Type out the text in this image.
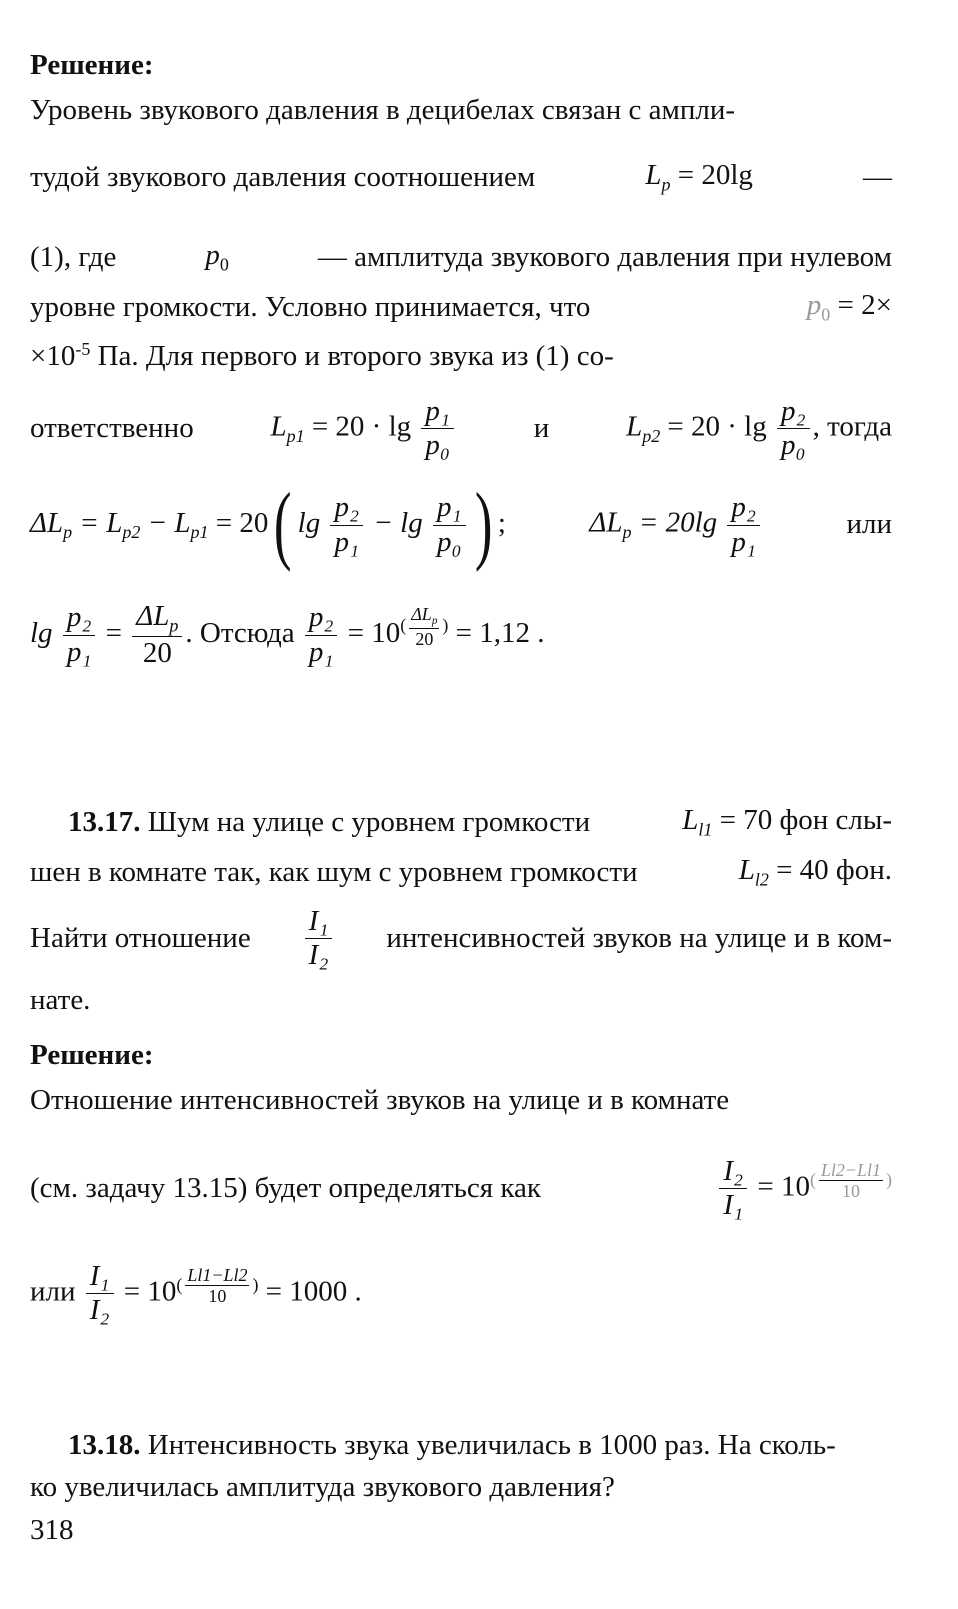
Решение:
Уровень звукового давления в децибелах связан с ампли-
тудой звукового давления соотношением	$L_p = 20\lg$	—
(1), где	$p_0$	— амплитуда звукового давления при нулевом
уровне громкости. Условно принимается, что	$p_0 = 2\times$
$\times 10^{-5}$ Па. Для первого и второго звука из (1) со-
ответственно	$L_{p1} = 20 \cdot \lg \frac{\text{p₁}}{\text{p₀}}$	и	$L_{p2} = 20 \cdot \lg \frac{\text{p₂}}{\text{p₀}}$ , тогда
$\Delta L_p = L_{p2} - L_{p1} = 20$( $\lg \frac{\text{p₂}}{\text{p₁}} - \lg \frac{\text{p₁}}{\text{p₀}}$ ) ;	$\Delta L_p = 20\lg \frac{\text{p₂}}{\text{p₁}}$	или
$\lg \frac{\text{p₂}}{\text{p₁}} = \frac{\Delta L_p}{20}$ . Отсюда $\frac{\text{p₂}}{\text{p₁}} = 10( \frac{\Delta L_p}{20}$ ) = 1,12 .
13.17. Шум на улице с уровнем громкости	$L_{l1} = 70$ фон слы-
шен в комнате так, как шум с уровнем громкости	$L_{l2} = 40$ фон.
Найти отношение $\frac{\text{I₁}}{\text{I₂}}$ интенсивностей звуков на улице и в ком-
нате.
Решение:
Отношение интенсивностей звуков на улице и в комнате
(см. задачу 13.15) будет определяться как	$\frac{\text{I₂}}{\text{I₁}} = 10( \frac{Ll2-Ll1}{10}$ )
или $\frac{\text{I₁}}{\text{I₂}} = 10( \frac{Ll1-Ll2}{10}$ ) = 1000 .
13.18. Интенсивность звука увеличилась в 1000 раз. На сколь-
ко увеличилась амплитуда звукового давления?
318
